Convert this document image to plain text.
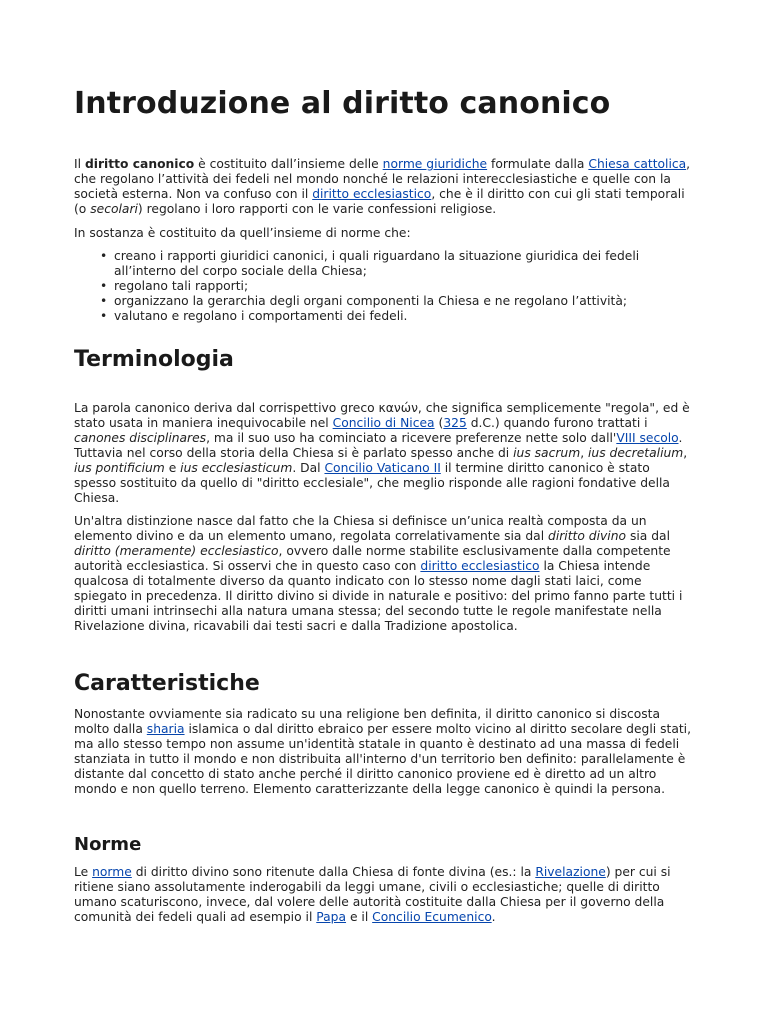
Introduzione al diritto canonico

Il diritto canonico è costituito dall’insieme delle norme giuridiche formulate dalla Chiesa cattolica, che regolano l’attività dei fedeli nel mondo nonché le relazioni interecclesiastiche e quelle con la società esterna. Non va confuso con il diritto ecclesiastico, che è il diritto con cui gli stati temporali (o secolari) regolano i loro rapporti con le varie confessioni religiose.

In sostanza è costituito da quell’insieme di norme che:

• creano i rapporti giuridici canonici, i quali riguardano la situazione giuridica dei fedeli all’interno del corpo sociale della Chiesa;
• regolano tali rapporti;
• organizzano la gerarchia degli organi componenti la Chiesa e ne regolano l’attività;
• valutano e regolano i comportamenti dei fedeli.
Terminologia

La parola canonico deriva dal corrispettivo greco κανών, che significa semplicemente "regola", ed è stato usata in maniera inequivocabile nel Concilio di Nicea (325 d.C.) quando furono trattati i canones disciplinares, ma il suo uso ha cominciato a ricevere preferenze nette solo dall'VIII secolo. Tuttavia nel corso della storia della Chiesa si è parlato spesso anche di ius sacrum, ius decretalium, ius pontificium e ius ecclesiasticum. Dal Concilio Vaticano II il termine diritto canonico è stato spesso sostituito da quello di "diritto ecclesiale", che meglio risponde alle ragioni fondative della Chiesa.

Un'altra distinzione nasce dal fatto che la Chiesa si definisce un’unica realtà composta da un elemento divino e da un elemento umano, regolata correlativamente sia dal diritto divino sia dal diritto (meramente) ecclesiastico, ovvero dalle norme stabilite esclusivamente dalla competente autorità ecclesiastica. Si osservi che in questo caso con diritto ecclesiastico la Chiesa intende qualcosa di totalmente diverso da quanto indicato con lo stesso nome dagli stati laici, come spiegato in precedenza. Il diritto divino si divide in naturale e positivo: del primo fanno parte tutti i diritti umani intrinsechi alla natura umana stessa; del secondo tutte le regole manifestate nella Rivelazione divina, ricavabili dai testi sacri e dalla Tradizione apostolica.

Caratteristiche

Nonostante ovviamente sia radicato su una religione ben definita, il diritto canonico si discosta molto dalla sharia islamica o dal diritto ebraico per essere molto vicino al diritto secolare degli stati, ma allo stesso tempo non assume un'identità statale in quanto è destinato ad una massa di fedeli stanziata in tutto il mondo e non distribuita all'interno d'un territorio ben definito: parallelamente è distante dal concetto di stato anche perché il diritto canonico proviene ed è diretto ad un altro mondo e non quello terreno. Elemento caratterizzante della legge canonico è quindi la persona.

Norme

Le norme di diritto divino sono ritenute dalla Chiesa di fonte divina (es.: la Rivelazione) per cui si ritiene siano assolutamente inderogabili da leggi umane, civili o ecclesiastiche; quelle di diritto umano scaturiscono, invece, dal volere delle autorità costituite dalla Chiesa per il governo della comunità dei fedeli quali ad esempio il Papa e il Concilio Ecumenico.
